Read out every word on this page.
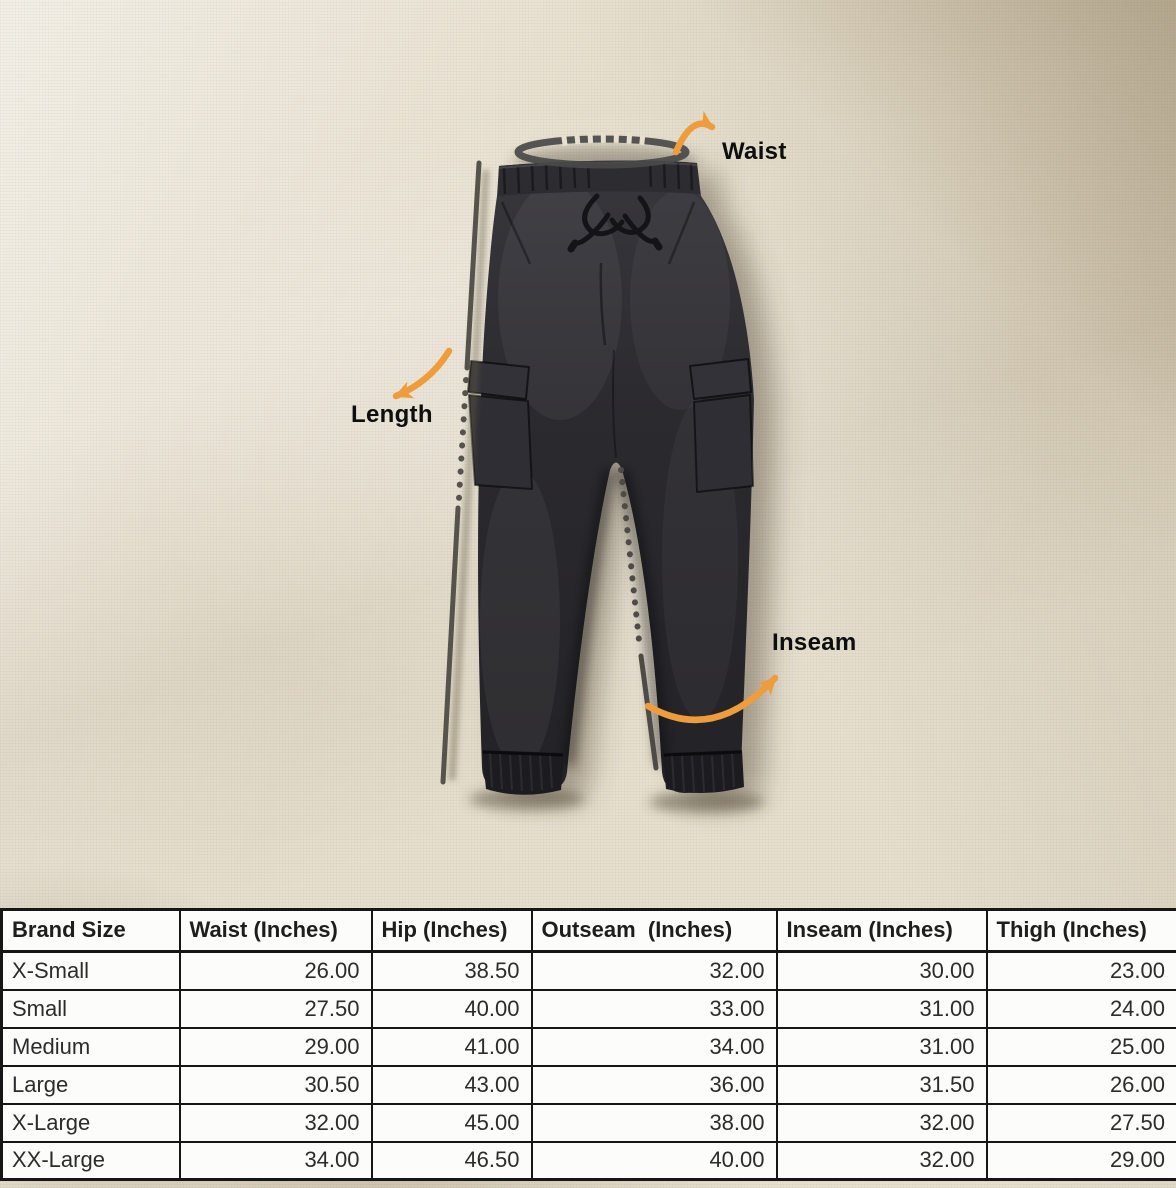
Waist
Length
Inseam
Brand Size	Waist (Inches)	Hip (Inches)	Outseam  (Inches)	Inseam (Inches)	Thigh (Inches)
X-Small	26.00	38.50	32.00	30.00	23.00
Small	27.50	40.00	33.00	31.00	24.00
Medium	29.00	41.00	34.00	31.00	25.00
Large	30.50	43.00	36.00	31.50	26.00
X-Large	32.00	45.00	38.00	32.00	27.50
XX-Large	34.00	46.50	40.00	32.00	29.00
